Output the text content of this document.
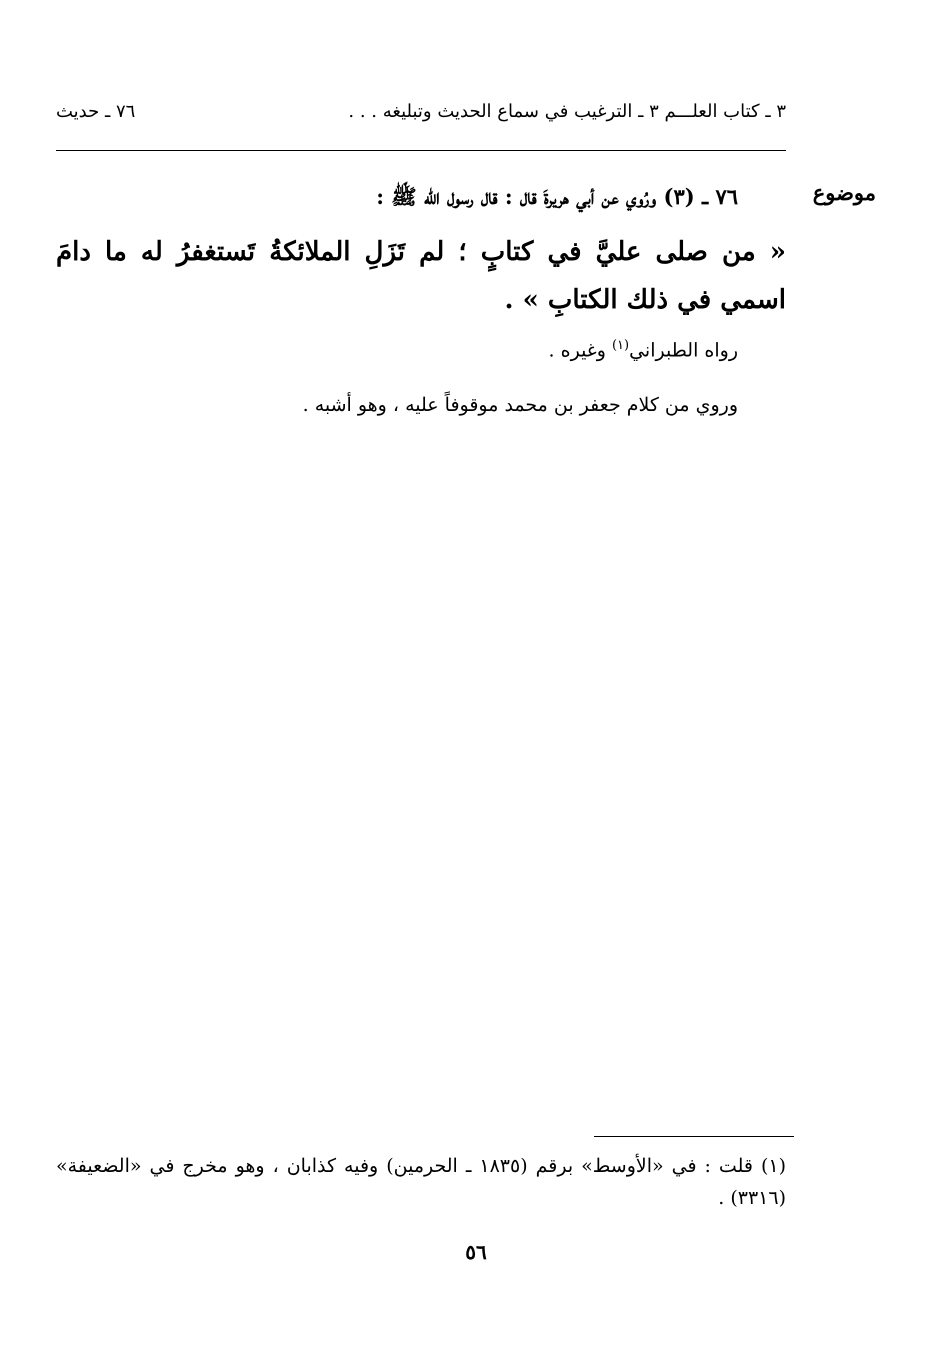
٣ ـ كتاب العلـــم ٣ ـ الترغيب في سماع الحديث وتبليغه . . .
٧٦ ـ حديث
موضوع
٧٦ ـ (٣) ورُوي عن أبي هريرةَ قال : قال رسول الله ﷺ :
« من صلى عليَّ في كتابٍ ؛ لم تَزَلِ الملائكةُ تَستغفرُ له ما دامَ اسمي في ذلك الكتابِ » .
رواه الطبراني$^{(١)}$ وغيره .
وروي من كلام جعفر بن محمد موقوفاً عليه ، وهو أشبه .
(١) قلت : في «الأوسط» برقم (١٨٣٥ ـ الحرمين) وفيه كذابان ، وهو مخرج في «الضعيفة» (٣٣١٦) .
٥٦
